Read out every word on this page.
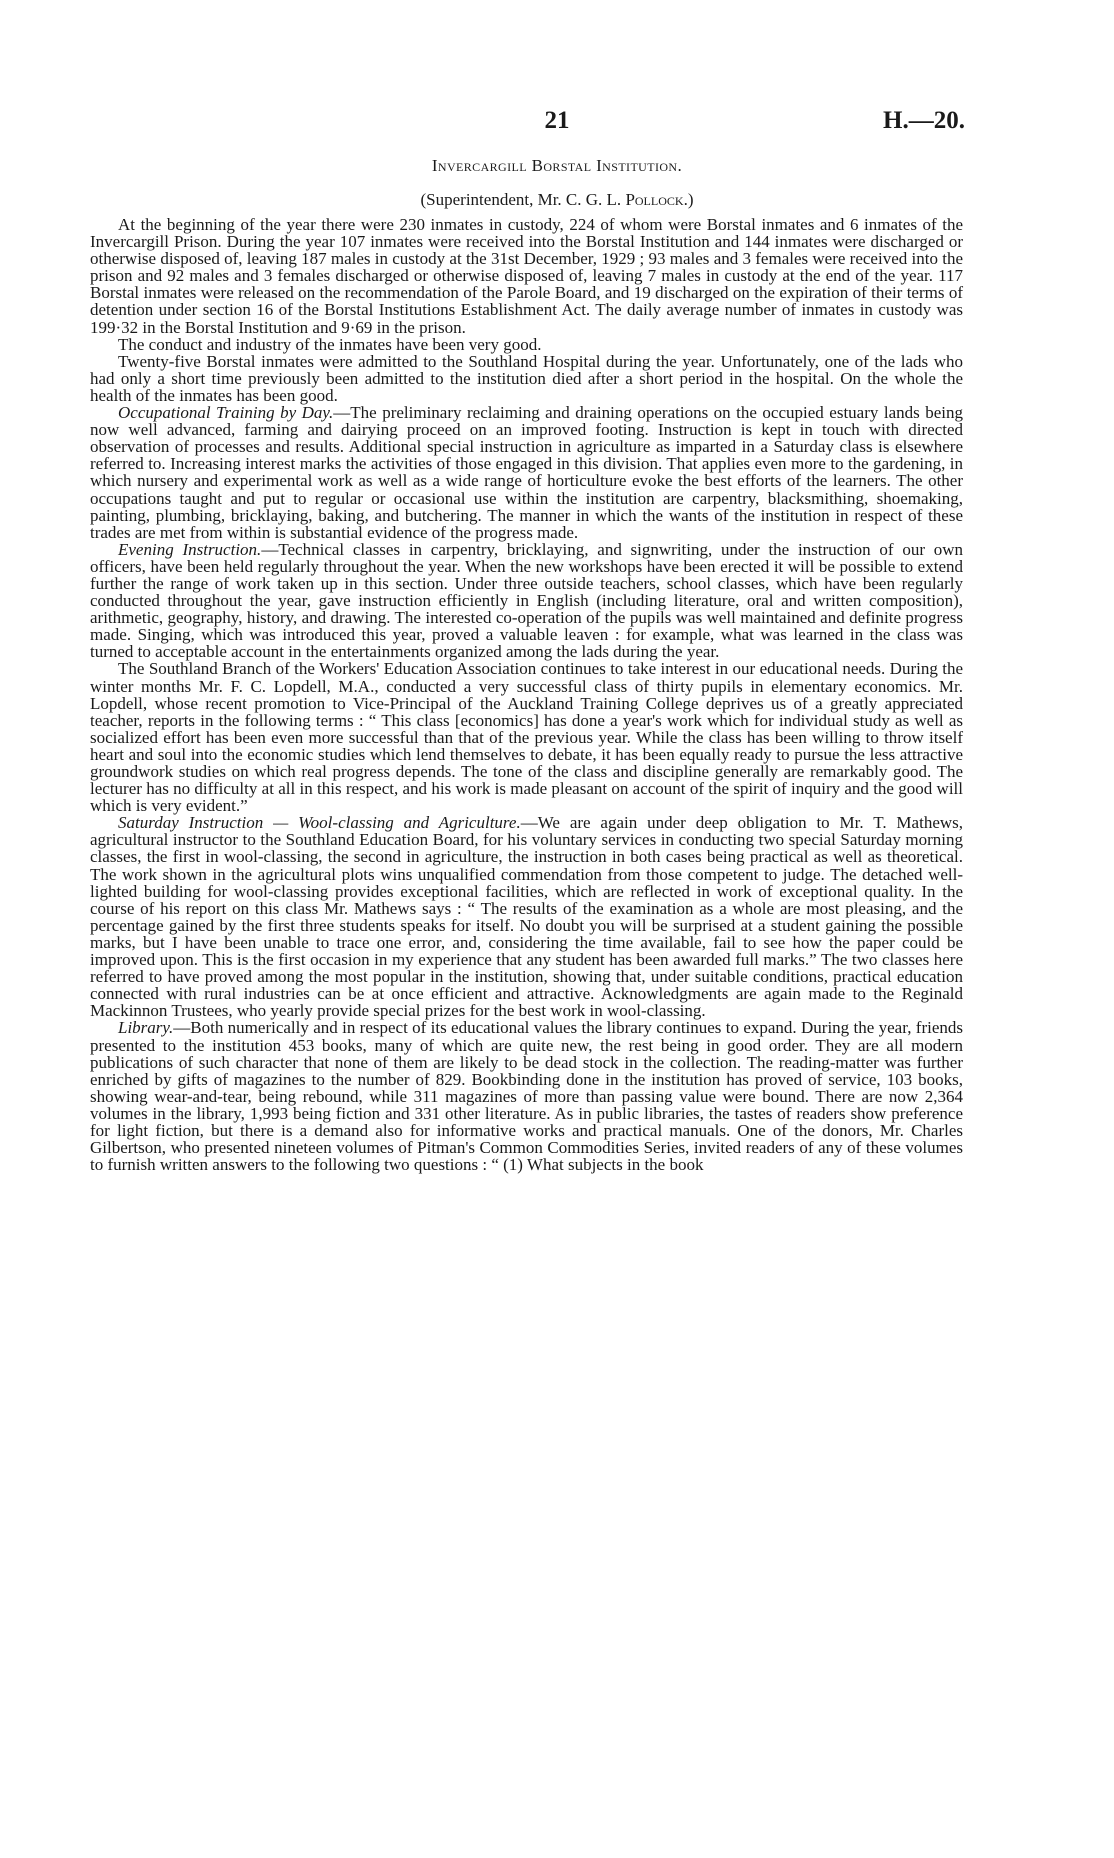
21	H.—20.
Invercargill Borstal Institution.
(Superintendent, Mr. C. G. L. Pollock.)

At the beginning of the year there were 230 inmates in custody, 224 of whom were Borstal inmates and 6 inmates of the Invercargill Prison. During the year 107 inmates were received into the Borstal Institution and 144 inmates were discharged or otherwise disposed of, leaving 187 males in custody at the 31st December, 1929 ; 93 males and 3 females were received into the prison and 92 males and 3 females discharged or otherwise disposed of, leaving 7 males in custody at the end of the year. 117 Borstal inmates were released on the recommendation of the Parole Board, and 19 discharged on the expiration of their terms of detention under section 16 of the Borstal Institutions Establishment Act. The daily average number of inmates in custody was 199·32 in the Borstal Institution and 9·69 in the prison.

The conduct and industry of the inmates have been very good.

Twenty-five Borstal inmates were admitted to the Southland Hospital during the year. Unfortunately, one of the lads who had only a short time previously been admitted to the institution died after a short period in the hospital. On the whole the health of the inmates has been good.

Occupational Training by Day.—The preliminary reclaiming and draining operations on the occupied estuary lands being now well advanced, farming and dairying proceed on an improved footing. Instruction is kept in touch with directed observation of processes and results. Additional special instruction in agriculture as imparted in a Saturday class is elsewhere referred to. Increasing interest marks the activities of those engaged in this division. That applies even more to the gardening, in which nursery and experimental work as well as a wide range of horticulture evoke the best efforts of the learners. The other occupations taught and put to regular or occasional use within the institution are carpentry, blacksmithing, shoemaking, painting, plumbing, bricklaying, baking, and butchering. The manner in which the wants of the institution in respect of these trades are met from within is substantial evidence of the progress made.

Evening Instruction.—Technical classes in carpentry, bricklaying, and signwriting, under the instruction of our own officers, have been held regularly throughout the year. When the new workshops have been erected it will be possible to extend further the range of work taken up in this section. Under three outside teachers, school classes, which have been regularly conducted throughout the year, gave instruction efficiently in English (including literature, oral and written composition), arithmetic, geography, history, and drawing. The interested co-operation of the pupils was well maintained and definite progress made. Singing, which was introduced this year, proved a valuable leaven : for example, what was learned in the class was turned to acceptable account in the entertainments organized among the lads during the year.

The Southland Branch of the Workers' Education Association continues to take interest in our educational needs. During the winter months Mr. F. C. Lopdell, M.A., conducted a very successful class of thirty pupils in elementary economics. Mr. Lopdell, whose recent promotion to Vice-Principal of the Auckland Training College deprives us of a greatly appreciated teacher, reports in the following terms : “ This class [economics] has done a year's work which for individual study as well as socialized effort has been even more successful than that of the previous year. While the class has been willing to throw itself heart and soul into the economic studies which lend themselves to debate, it has been equally ready to pursue the less attractive groundwork studies on which real progress depends. The tone of the class and discipline generally are remarkably good. The lecturer has no difficulty at all in this respect, and his work is made pleasant on account of the spirit of inquiry and the good will which is very evident.”

Saturday Instruction — Wool-classing and Agriculture.—We are again under deep obligation to Mr. T. Mathews, agricultural instructor to the Southland Education Board, for his voluntary services in conducting two special Saturday morning classes, the first in wool-classing, the second in agriculture, the instruction in both cases being practical as well as theoretical. The work shown in the agricultural plots wins unqualified commendation from those competent to judge. The detached well-lighted building for wool-classing provides exceptional facilities, which are reflected in work of exceptional quality. In the course of his report on this class Mr. Mathews says : “ The results of the examination as a whole are most pleasing, and the percentage gained by the first three students speaks for itself. No doubt you will be surprised at a student gaining the possible marks, but I have been unable to trace one error, and, considering the time available, fail to see how the paper could be improved upon. This is the first occasion in my experience that any student has been awarded full marks.” The two classes here referred to have proved among the most popular in the institution, showing that, under suitable conditions, practical education connected with rural industries can be at once efficient and attractive. Acknowledgments are again made to the Reginald Mackinnon Trustees, who yearly provide special prizes for the best work in wool-classing.

Library.—Both numerically and in respect of its educational values the library continues to expand. During the year, friends presented to the institution 453 books, many of which are quite new, the rest being in good order. They are all modern publications of such character that none of them are likely to be dead stock in the collection. The reading-matter was further enriched by gifts of magazines to the number of 829. Bookbinding done in the institution has proved of service, 103 books, showing wear-and-tear, being rebound, while 311 magazines of more than passing value were bound. There are now 2,364 volumes in the library, 1,993 being fiction and 331 other literature. As in public libraries, the tastes of readers show preference for light fiction, but there is a demand also for informative works and practical manuals. One of the donors, Mr. Charles Gilbertson, who presented nineteen volumes of Pitman's Common Commodities Series, invited readers of any of these volumes to furnish written answers to the following two questions : “ (1) What subjects in the book
